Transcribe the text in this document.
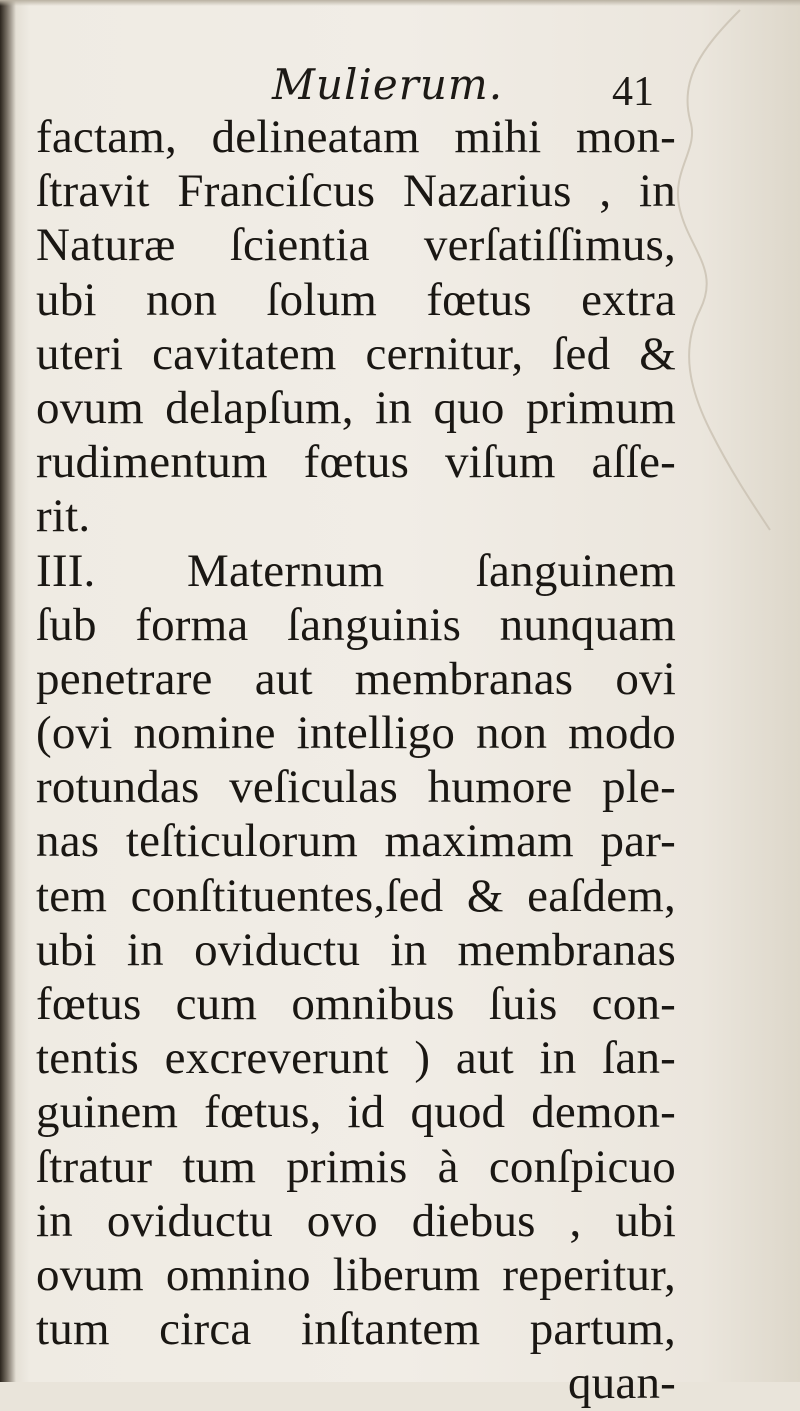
Mulierum.	41
factam, delineatam mihi mon-
ſtravit Franciſcus Nazarius , in
Naturæ ſcientia verſatiſſimus,
ubi non ſolum fœtus extra
uteri cavitatem cernitur, ſed &
ovum delapſum, in quo primum
rudimentum fœtus viſum aſſe-
rit.
III. Maternum ſanguinem
ſub forma ſanguinis nunquam
penetrare aut membranas ovi
(ovi nomine intelligo non modo
rotundas veſiculas humore ple-
nas teſticulorum maximam par-
tem conſtituentes,ſed & eaſdem,
ubi in oviductu in membranas
fœtus cum omnibus ſuis con-
tentis excreverunt ) aut in ſan-
guinem fœtus, id quod demon-
ſtratur tum primis à conſpicuo
in oviductu ovo diebus , ubi
ovum omnino liberum reperitur,
tum circa inſtantem partum,
quan-
